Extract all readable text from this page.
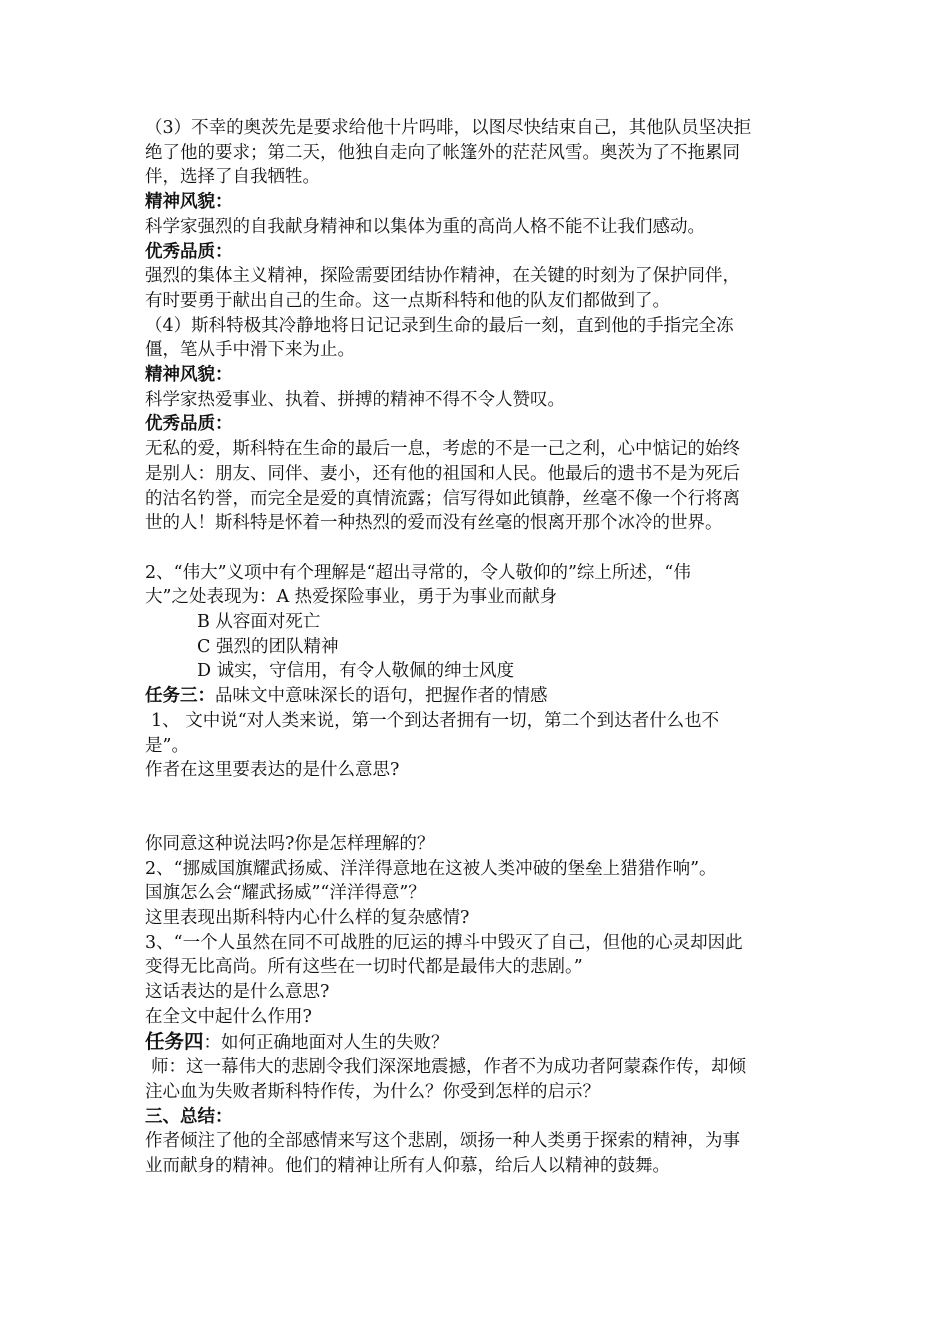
（3）不幸的奥茨先是要求给他十片吗啡，以图尽快结束自己，其他队员坚决拒

绝了他的要求；第二天，他独自走向了帐篷外的茫茫风雪。奥茨为了不拖累同

伴，选择了自我牺牲。

精神风貌：

科学家强烈的自我献身精神和以集体为重的高尚人格不能不让我们感动。

优秀品质：

强烈的集体主义精神，探险需要团结协作精神，在关键的时刻为了保护同伴，

有时要勇于献出自己的生命。这一点斯科特和他的队友们都做到了。

（4）斯科特极其冷静地将日记记录到生命的最后一刻，直到他的手指完全冻

僵，笔从手中滑下来为止。

精神风貌：

科学家热爱事业、执着、拼搏的精神不得不令人赞叹。

优秀品质：

无私的爱，斯科特在生命的最后一息，考虑的不是一己之利，心中惦记的始终

是别人：朋友、同伴、妻小，还有他的祖国和人民。他最后的遗书不是为死后

的沽名钓誉，而完全是爱的真情流露；信写得如此镇静，丝毫不像一个行将离

世的人！斯科特是怀着一种热烈的爱而没有丝毫的恨离开那个冰冷的世界。

2、“伟大”义项中有个理解是“超出寻常的，令人敬仰的”综上所述，“伟

大”之处表现为：A 热爱探险事业，勇于为事业而献身

B 从容面对死亡

C 强烈的团队精神

D 诚实，守信用，有令人敬佩的绅士风度

任务三：品味文中意味深长的语句，把握作者的情感

1、 文中说“对人类来说，第一个到达者拥有一切，第二个到达者什么也不

是”。

作者在这里要表达的是什么意思?

你同意这种说法吗?你是怎样理解的？

2、“挪威国旗耀武扬威、洋洋得意地在这被人类冲破的堡垒上猎猎作响”。

国旗怎么会“耀武扬威”“洋洋得意”？

这里表现出斯科特内心什么样的复杂感情?

3、“一个人虽然在同不可战胜的厄运的搏斗中毁灭了自己，但他的心灵却因此

变得无比高尚。所有这些在一切时代都是最伟大的悲剧。”

这话表达的是什么意思?

在全文中起什么作用?

任务四：如何正确地面对人生的失败？

师：这一幕伟大的悲剧令我们深深地震撼，作者不为成功者阿蒙森作传，却倾

注心血为失败者斯科特作传，为什么？你受到怎样的启示？

三、总结：

作者倾注了他的全部感情来写这个悲剧，颂扬一种人类勇于探索的精神，为事

业而献身的精神。他们的精神让所有人仰慕，给后人以精神的鼓舞。
